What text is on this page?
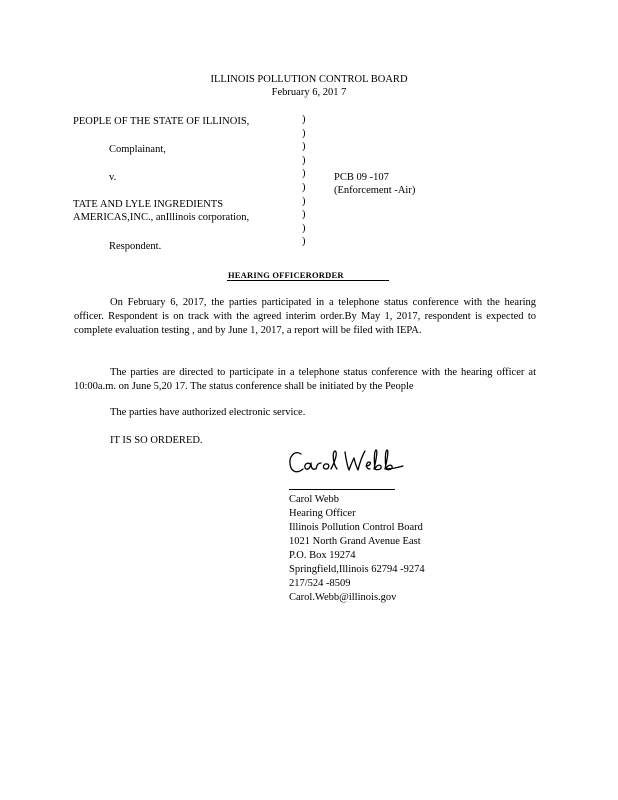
ILLINOIS POLLUTION CONTROL BOARD
February 6, 201 7
PEOPLE OF THE STATE OF ILLINOIS,
Complainant,
v.
TATE AND LYLE INGREDIENTS
AMERICAS,INC., anIllinois corporation,
Respondent.
)
)
)
)
)
)
)
)
)
)
PCB 09 -107
(Enforcement -Air)
HEARING OFFICERORDER
On February 6, 2017, the parties participated in a telephone status conference with the hearing officer. Respondent is on track with the agreed interim order.By May 1, 2017, respondent is expected to complete evaluation testing , and by June 1, 2017, a report will be filed with IEPA.
The parties are directed to participate in a telephone status conference with the hearing officer at 10:00a.m. on June 5,20 17. The status conference shall be initiated by the People
The parties have authorized electronic service.
IT IS SO ORDERED.	Carol Webb
Carol Webb
Hearing Officer
Illinois Pollution Control Board
1021 North Grand Avenue East
P.O. Box 19274
Springfield,Illinois 62794 -9274
217/524 -8509
Carol.Webb@illinois.gov
